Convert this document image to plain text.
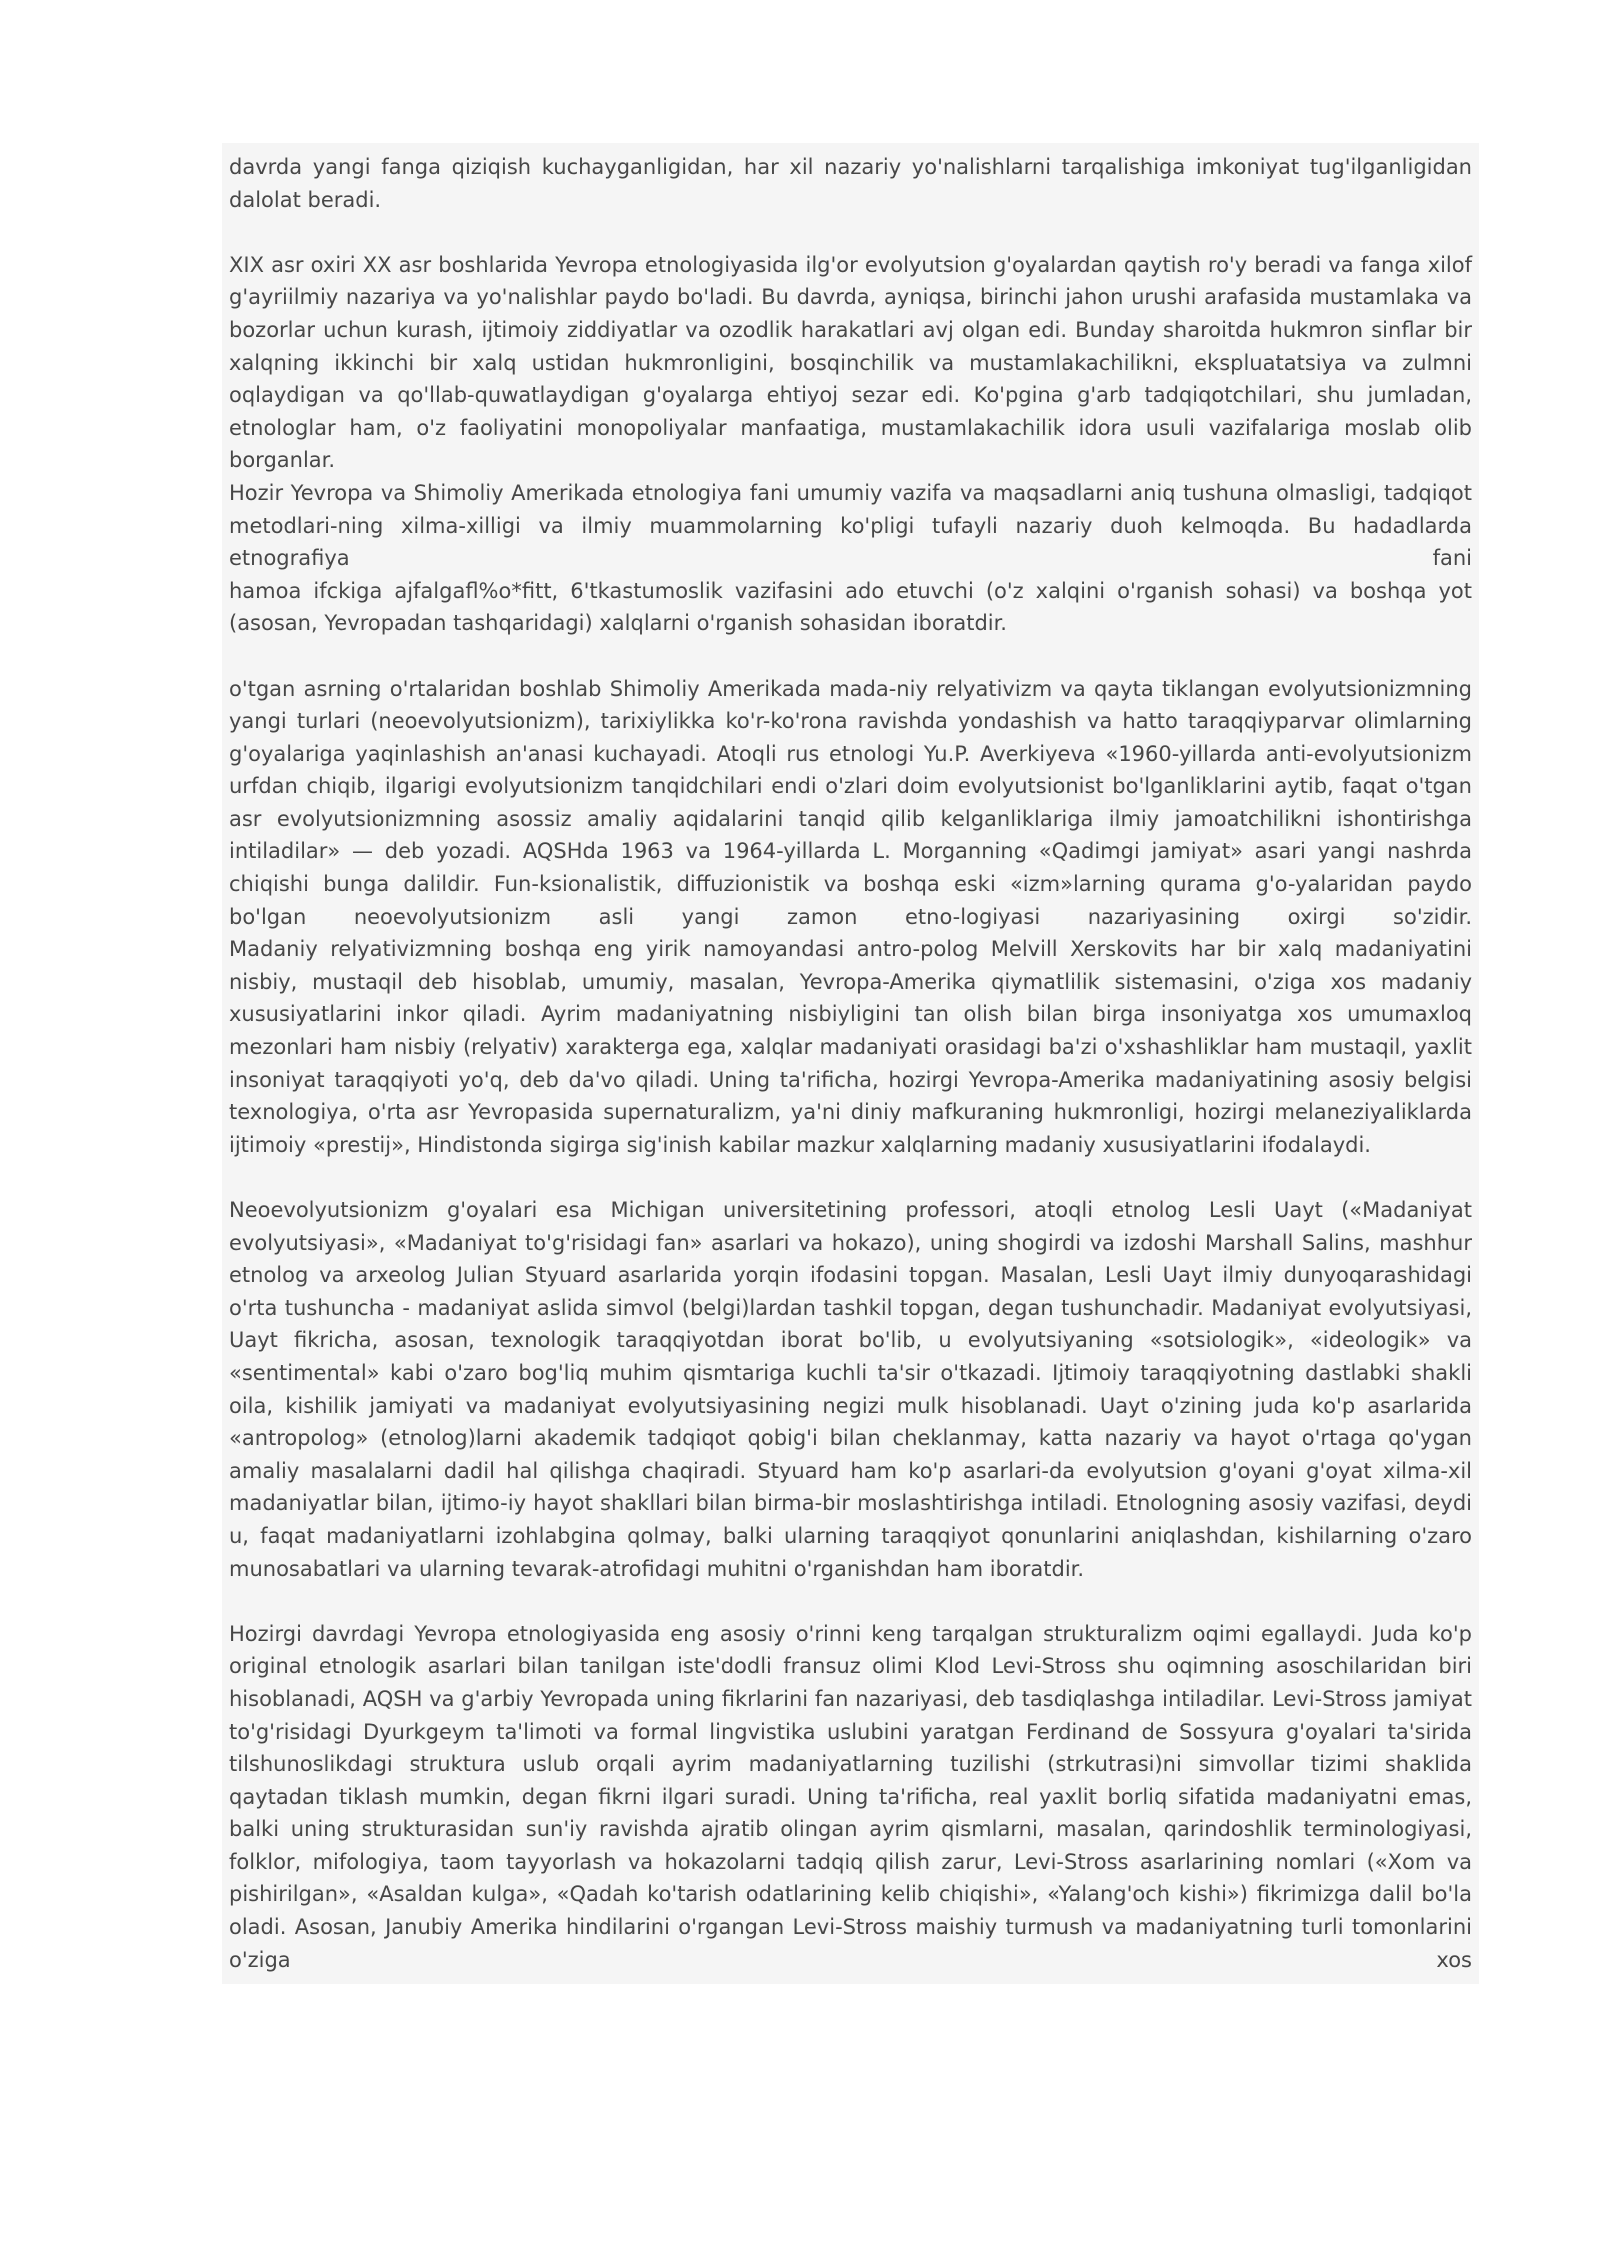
davrda yangi fanga qiziqish kuchayganligidan, har xil nazariy yo'nalishlarni tarqalishiga imkoniyat tug'ilganligidan dalolat beradi.

XIX asr oxiri XX asr boshlarida Yevropa etnologiyasida ilg'or evolyutsion g'oyalardan qaytish ro'y beradi va fanga xilof g'ayriilmiy nazariya va yo'nalishlar paydo bo'ladi. Bu davrda, ayniqsa, birinchi jahon urushi arafasida mustamlaka va bozorlar uchun kurash, ijtimoiy ziddiyatlar va ozodlik harakatlari avj olgan edi. Bunday sharoitda hukmron sinflar bir xalqning ikkinchi bir xalq ustidan hukmronligini, bosqinchilik va mustamlakachilikni, ekspluatatsiya va zulmni oqlaydigan va qo'llab-quwatlaydigan g'oyalarga ehtiyoj sezar edi. Ko'pgina g'arb tadqiqotchilari, shu jumladan, etnologlar ham, o'z faoliyatini monopoliyalar manfaatiga, mustamlakachilik idora usuli vazifalariga moslab olib borganlar.
Hozir Yevropa va Shimoliy Amerikada etnologiya fani umumiy vazifa va maqsadlarni aniq tushuna olmasligi, tadqiqot metodlari-ning xilma-xilligi va ilmiy muammolarning ko'pligi tufayli nazariy duoh kelmoqda. Bu hadadlarda etnografiya fani
hamoa ifckiga ajfalgafl%o*fitt, 6'tkastumoslik vazifasini ado etuvchi (o'z xalqini o'rganish sohasi) va boshqa yot (asosan, Yevropadan tashqaridagi) xalqlarni o'rganish sohasidan iboratdir.

o'tgan asrning o'rtalaridan boshlab Shimoliy Amerikada mada-niy relyativizm va qayta tiklangan evolyutsionizmning yangi turlari (neoevolyutsionizm), tarixiylikka ko'r-ko'rona ravishda yondashish va hatto taraqqiyparvar olimlarning g'oyalariga yaqinlashish an'anasi kuchayadi. Atoqli rus etnologi Yu.P. Averkiyeva «1960-yillarda anti-evolyutsionizm urfdan chiqib, ilgarigi evolyutsionizm tanqidchilari endi o'zlari doim evolyutsionist bo'lganliklarini aytib, faqat o'tgan asr evolyutsionizmning asossiz amaliy aqidalarini tanqid qilib kelganliklariga ilmiy jamoatchilikni ishontirishga intiladilar» — deb yozadi. AQSHda 1963 va 1964-yillarda L. Morganning «Qadimgi jamiyat» asari yangi nashrda chiqishi bunga dalildir. Fun-ksionalistik, diffuzionistik va boshqa eski «izm»larning qurama g'o-yalaridan paydo bo'lgan neoevolyutsionizm asli yangi zamon etno-logiyasi nazariyasining oxirgi so'zidir.
Madaniy relyativizmning boshqa eng yirik namoyandasi antro-polog Melvill Xerskovits har bir xalq madaniyatini nisbiy, mustaqil deb hisoblab, umumiy, masalan, Yevropa-Amerika qiymatlilik sistemasini, o'ziga xos madaniy xususiyatlarini inkor qiladi. Ayrim madaniyatning nisbiyligini tan olish bilan birga insoniyatga xos umumaxloq mezonlari ham nisbiy (relyativ) xarakterga ega, xalqlar madaniyati orasidagi ba'zi o'xshashliklar ham mustaqil, yaxlit insoniyat taraqqiyoti yo'q, deb da'vo qiladi. Uning ta'rificha, hozirgi Yevropa-Amerika madaniyatining asosiy belgisi texnologiya, o'rta asr Yevropasida supernaturalizm, ya'ni diniy mafkuraning hukmronligi, hozirgi melaneziyaliklarda ijtimoiy «prestij», Hindistonda sigirga sig'inish kabilar mazkur xalqlarning madaniy xususiyatlarini ifodalaydi.

Neoevolyutsionizm g'oyalari esa Michigan universitetining professori, atoqli etnolog Lesli Uayt («Madaniyat evolyutsiyasi», «Madaniyat to'g'risidagi fan» asarlari va hokazo), uning shogirdi va izdoshi Marshall Salins, mashhur etnolog va arxeolog Julian Styuard asarlarida yorqin ifodasini topgan. Masalan, Lesli Uayt ilmiy dunyoqarashidagi o'rta tushuncha - madaniyat aslida simvol (belgi)lardan tashkil topgan, degan tushunchadir. Madaniyat evolyutsiyasi, Uayt fikricha, asosan, texnologik taraqqiyotdan iborat bo'lib, u evolyutsiyaning «sotsiologik», «ideologik» va «sentimental» kabi o'zaro bog'liq muhim qismtariga kuchli ta'sir o'tkazadi. Ijtimoiy taraqqiyotning dastlabki shakli oila, kishilik jamiyati va madaniyat evolyutsiyasining negizi mulk hisoblanadi. Uayt o'zining juda ko'p asarlarida «antropolog» (etnolog)larni akademik tadqiqot qobig'i bilan cheklanmay, katta nazariy va hayot o'rtaga qo'ygan amaliy masalalarni dadil hal qilishga chaqiradi. Styuard ham ko'p asarlari-da evolyutsion g'oyani g'oyat xilma-xil madaniyatlar bilan, ijtimo-iy hayot shakllari bilan birma-bir moslashtirishga intiladi. Etnologning asosiy vazifasi, deydi u, faqat madaniyatlarni izohlabgina qolmay, balki ularning taraqqiyot qonunlarini aniqlashdan, kishilarning o'zaro munosabatlari va ularning tevarak-atrofidagi muhitni o'rganishdan ham iboratdir.

Hozirgi davrdagi Yevropa etnologiyasida eng asosiy o'rinni keng tarqalgan strukturalizm oqimi egallaydi. Juda ko'p original etnologik asarlari bilan tanilgan iste'dodli fransuz olimi Klod Levi-Stross shu oqimning asoschilaridan biri hisoblanadi, AQSH va g'arbiy Yevropada uning fikrlarini fan nazariyasi, deb tasdiqlashga intiladilar. Levi-Stross jamiyat to'g'risidagi Dyurkgeym ta'limoti va formal lingvistika uslubini yaratgan Ferdinand de Sossyura g'oyalari ta'sirida tilshunoslikdagi struktura uslub orqali ayrim madaniyatlarning tuzilishi (strkutrasi)ni simvollar tizimi shaklida qaytadan tiklash mumkin, degan fikrni ilgari suradi. Uning ta'rificha, real yaxlit borliq sifatida madaniyatni emas, balki uning strukturasidan sun'iy ravishda ajratib olingan ayrim qismlarni, masalan, qarindoshlik terminologiyasi, folklor, mifologiya, taom tayyorlash va hokazolarni tadqiq qilish zarur, Levi-Stross asarlarining nomlari («Xom va pishirilgan», «Asaldan kulga», «Qadah ko'tarish odatlarining kelib chiqishi», «Yalang'och kishi») fikrimizga dalil bo'la oladi. Asosan, Janubiy Amerika hindilarini o'rgangan Levi-Stross maishiy turmush va madaniyatning turli tomonlarini o'ziga xos
